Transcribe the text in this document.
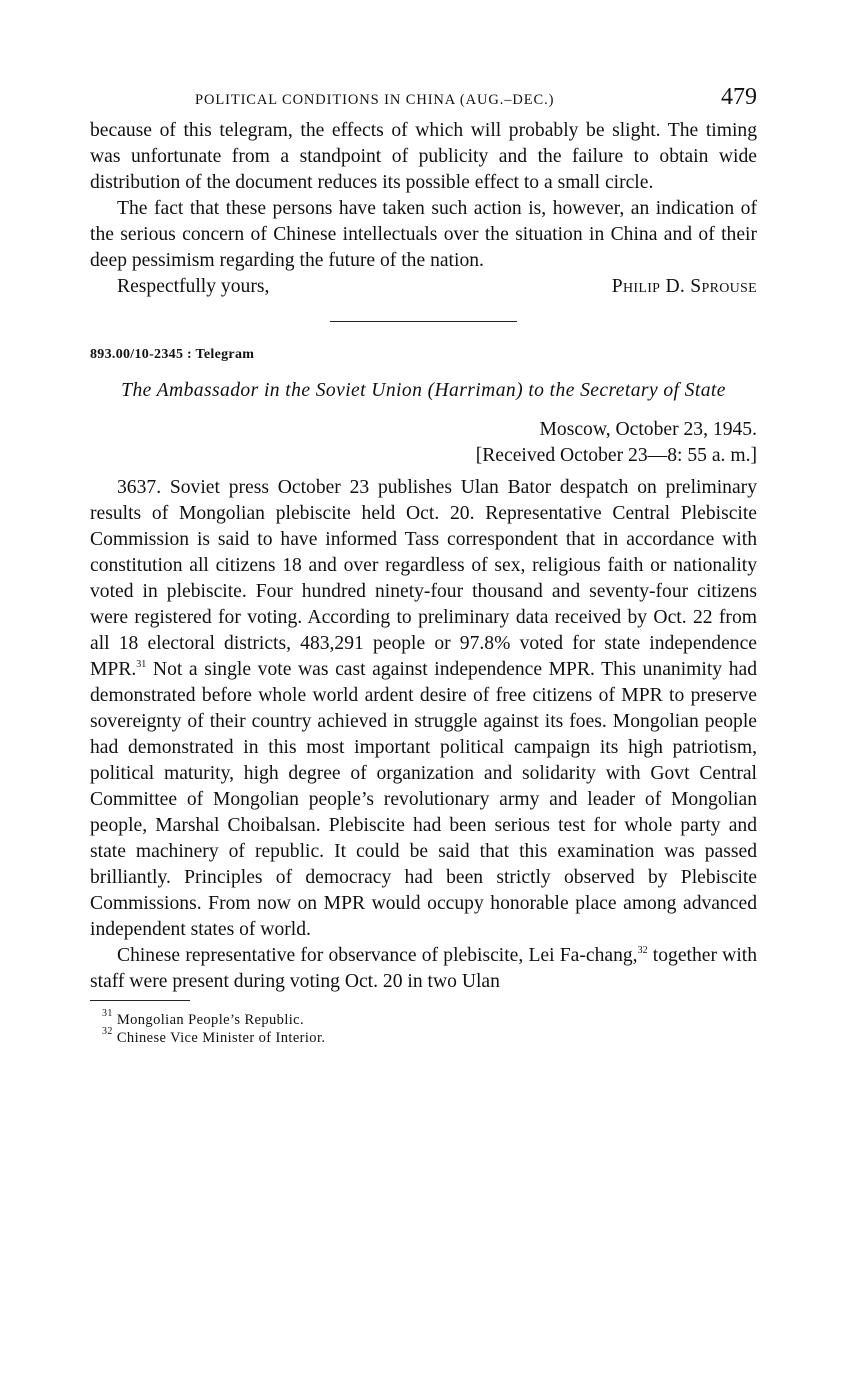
POLITICAL CONDITIONS IN CHINA (AUG.–DEC.)	479

because of this telegram, the effects of which will probably be slight. The timing was unfortunate from a standpoint of publicity and the failure to obtain wide distribution of the document reduces its possible effect to a small circle.

The fact that these persons have taken such action is, however, an indication of the serious concern of Chinese intellectuals over the situation in China and of their deep pessimism regarding the future of the nation.

Respectfully yours,	Philip D. Sprouse
893.00/10-2345 : Telegram
The Ambassador in the Soviet Union (Harriman) to the Secretary of State
Moscow, October 23, 1945.
[Received October 23—8: 55 a. m.]

3637. Soviet press October 23 publishes Ulan Bator despatch on preliminary results of Mongolian plebiscite held Oct. 20. Representative Central Plebiscite Commission is said to have informed Tass correspondent that in accordance with constitution all citizens 18 and over regardless of sex, religious faith or nationality voted in plebiscite. Four hundred ninety-four thousand and seventy-four citizens were registered for voting. According to preliminary data received by Oct. 22 from all 18 electoral districts, 483,291 people or 97.8% voted for state independence MPR.$^{31}$ Not a single vote was cast against independence MPR. This unanimity had demonstrated before whole world ardent desire of free citizens of MPR to preserve sovereignty of their country achieved in struggle against its foes. Mongolian people had demonstrated in this most important political campaign its high patriotism, political maturity, high degree of organization and solidarity with Govt Central Committee of Mongolian people’s revolutionary army and leader of Mongolian people, Marshal Choibalsan. Plebiscite had been serious test for whole party and state machinery of republic. It could be said that this examination was passed brilliantly. Principles of democracy had been strictly observed by Plebiscite Commissions. From now on MPR would occupy honorable place among advanced independent states of world.

Chinese representative for observance of plebiscite, Lei Fa-chang,$^{32}$ together with staff were present during voting Oct. 20 in two Ulan

$^{31}$ Mongolian People’s Republic.
$^{32}$ Chinese Vice Minister of Interior.
